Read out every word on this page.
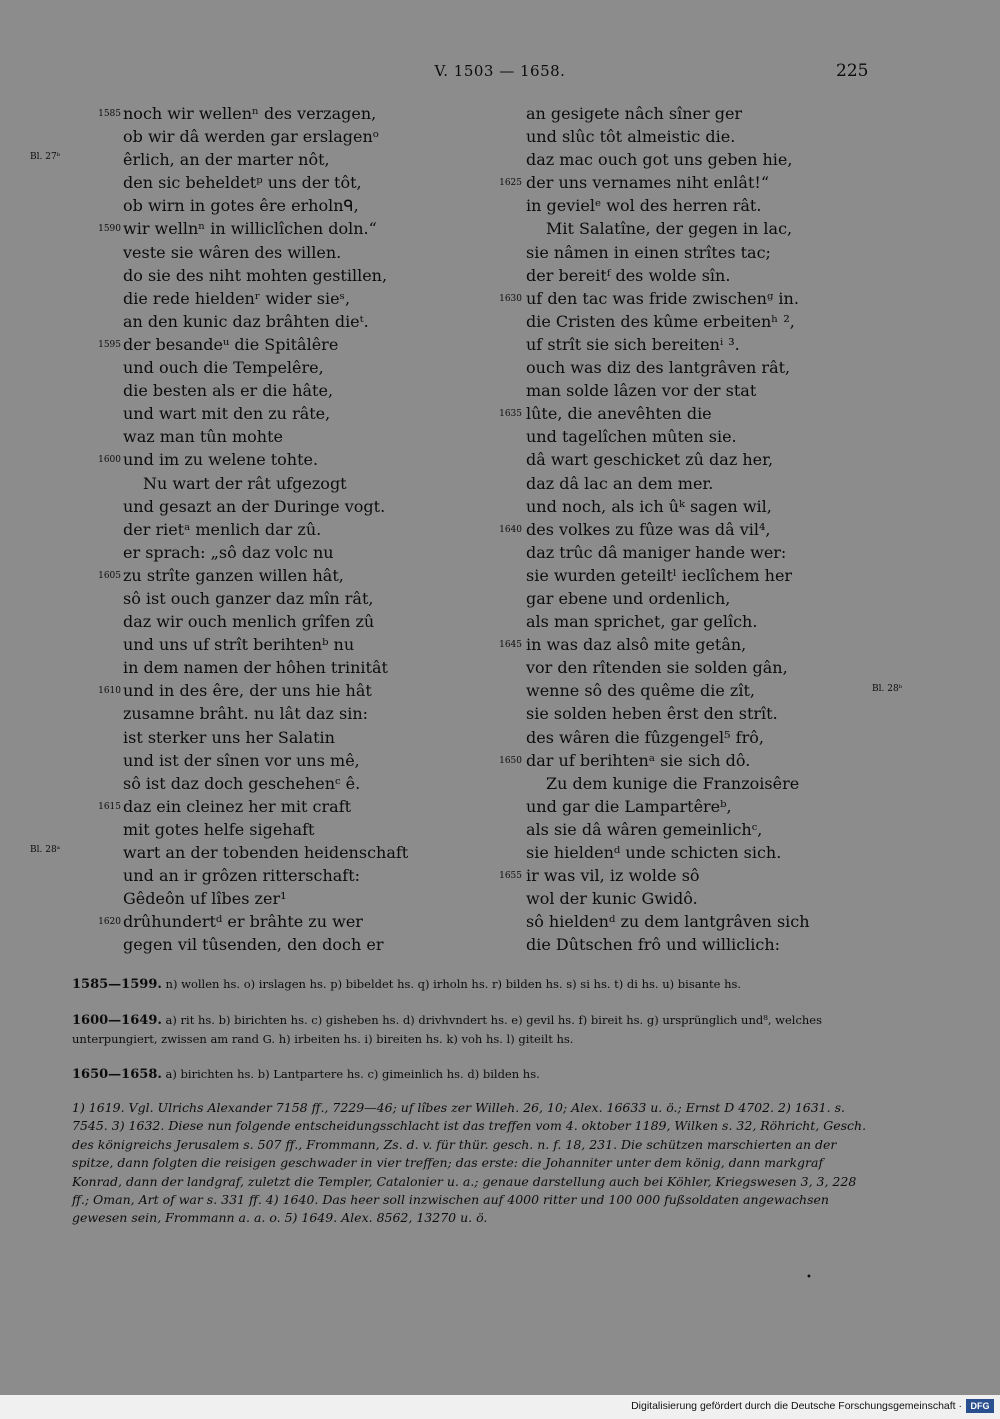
V. 1503 — 1658.	225
1585 noch wir wellenⁿ des verzagen,
ob wir dâ werden gar erslagenᵒ
êrlich, an der marter nôt,
den sic beheldetᵖ uns der tôt,
ob wirn in gotes êre erholnᑫ,
1590 wir wellnⁿ in williclîchen doln.“
veste sie wâren des willen.
do sie des niht mohten gestillen,
die rede hieldenʳ wider sieˢ,
an den kunic daz brâhten dieᵗ.
1595 der besandeᵘ die Spitâlêre
und ouch die Tempelêre,
die besten als er die hâte,
und wart mit den zu râte,
waz man tûn mohte
1600 und im zu welene tohte.
Nu wart der rât ufgezogt
und gesazt an der Duringe vogt.
der rietᵃ menlich dar zû.
er sprach: „sô daz volc nu
1605 zu strîte ganzen willen hât,
sô ist ouch ganzer daz mîn rât,
daz wir ouch menlich grîfen zû
und uns uf strît berihtenᵇ nu
in dem namen der hôhen trinitât
1610 und in des êre, der uns hie hât
zusamne brâht. nu lât daz sin:
ist sterker uns her Salatin
und ist der sînen vor uns mê,
sô ist daz doch geschehenᶜ ê.
1615 daz ein cleinez her mit craft
mit gotes helfe sigehaft
wart an der tobenden heidenschaft
und an ir grôzen ritterschaft:
Gêdeôn uf lîbes zer¹
1620 drûhundertᵈ er brâhte zu wer
gegen vil tûsenden, den doch er
an gesigete nâch sîner ger
und slûc tôt almeistic die.
daz mac ouch got uns geben hie,
1625 der uns vernames niht enlât!“
in gevielᵉ wol des herren rât.
Mit Salatîne, der gegen in lac,
sie nâmen in einen strîtes tac;
der bereitᶠ des wolde sîn.
1630 uf den tac was fride zwischenᵍ in.
die Cristen des kûme erbeitenʰ ²,
uf strît sie sich bereitenⁱ ³.
ouch was diz des lantgrâven rât,
man solde lâzen vor der stat
1635 lûte, die anevêhten die
und tagelîchen mûten sie.
dâ wart geschicket zû daz her,
daz dâ lac an dem mer.
und noch, als ich ûᵏ sagen wil,
1640 des volkes zu fûze was dâ vil⁴,
daz trûc dâ maniger hande wer:
sie wurden geteiltˡ ieclîchem her
gar ebene und ordenlich,
als man sprichet, gar gelîch.
1645 in was daz alsô mite getân,
vor den rîtenden sie solden gân,
wenne sô des quême die zît,
sie solden heben êrst den strît.
des wâren die fûzgengel⁵ frô,
1650 dar uf berihtenᵃ sie sich dô.
Zu dem kunige die Franzoisêre
und gar die Lampartêreᵇ,
als sie dâ wâren gemeinlichᶜ,
sie hieldenᵈ unde schicten sich.
1655 ir was vil, iz wolde sô
wol der kunic Gwidô.
sô hieldenᵈ zu dem lantgrâven sich
die Dûtschen frô und williclich:
Bl. 27ᵇ
Bl. 28ᵃ
Bl. 28ᵇ
1585—1599. n) wollen hs. o) irslagen hs. p) bibeldet hs. q) irholn hs. r) bilden hs. s) si hs. t) di hs. u) bisante hs.
1600—1649. a) rit hs. b) birichten hs. c) gisheben hs. d) drivhvndert hs. e) gevil hs. f) bireit hs. g) ursprünglich und⁸, welches unterpungiert, zwissen am rand G. h) irbeiten hs. i) bireiten hs. k) voh hs. l) giteilt hs.
1650—1658. a) birichten hs. b) Lantpartere hs. c) gimeinlich hs. d) bilden hs.
1) 1619. Vgl. Ulrichs Alexander 7158 ff., 7229—46; uf lîbes zer Willeh. 26, 10; Alex. 16633 u. ö.; Ernst D 4702. 2) 1631. s. 7545. 3) 1632. Diese nun folgende entscheidungsschlacht ist das treffen vom 4. oktober 1189, Wilken s. 32, Röhricht, Gesch. des königreichs Jerusalem s. 507 ff., Frommann, Zs. d. v. für thür. gesch. n. f. 18, 231. Die schützen marschierten an der spitze, dann folgten die reisigen geschwader in vier treffen; das erste: die Johanniter unter dem könig, dann markgraf Konrad, dann der landgraf, zuletzt die Templer, Catalonier u. a.; genaue darstellung auch bei Köhler, Kriegswesen 3, 3, 228 ff.; Oman, Art of war s. 331 ff. 4) 1640. Das heer soll inzwischen auf 4000 ritter und 100 000 fußsoldaten angewachsen gewesen sein, Frommann a. a. o. 5) 1649. Alex. 8562, 13270 u. ö.
•
Digitalisierung gefördert durch die Deutsche Forschungsgemeinschaft · DFG
